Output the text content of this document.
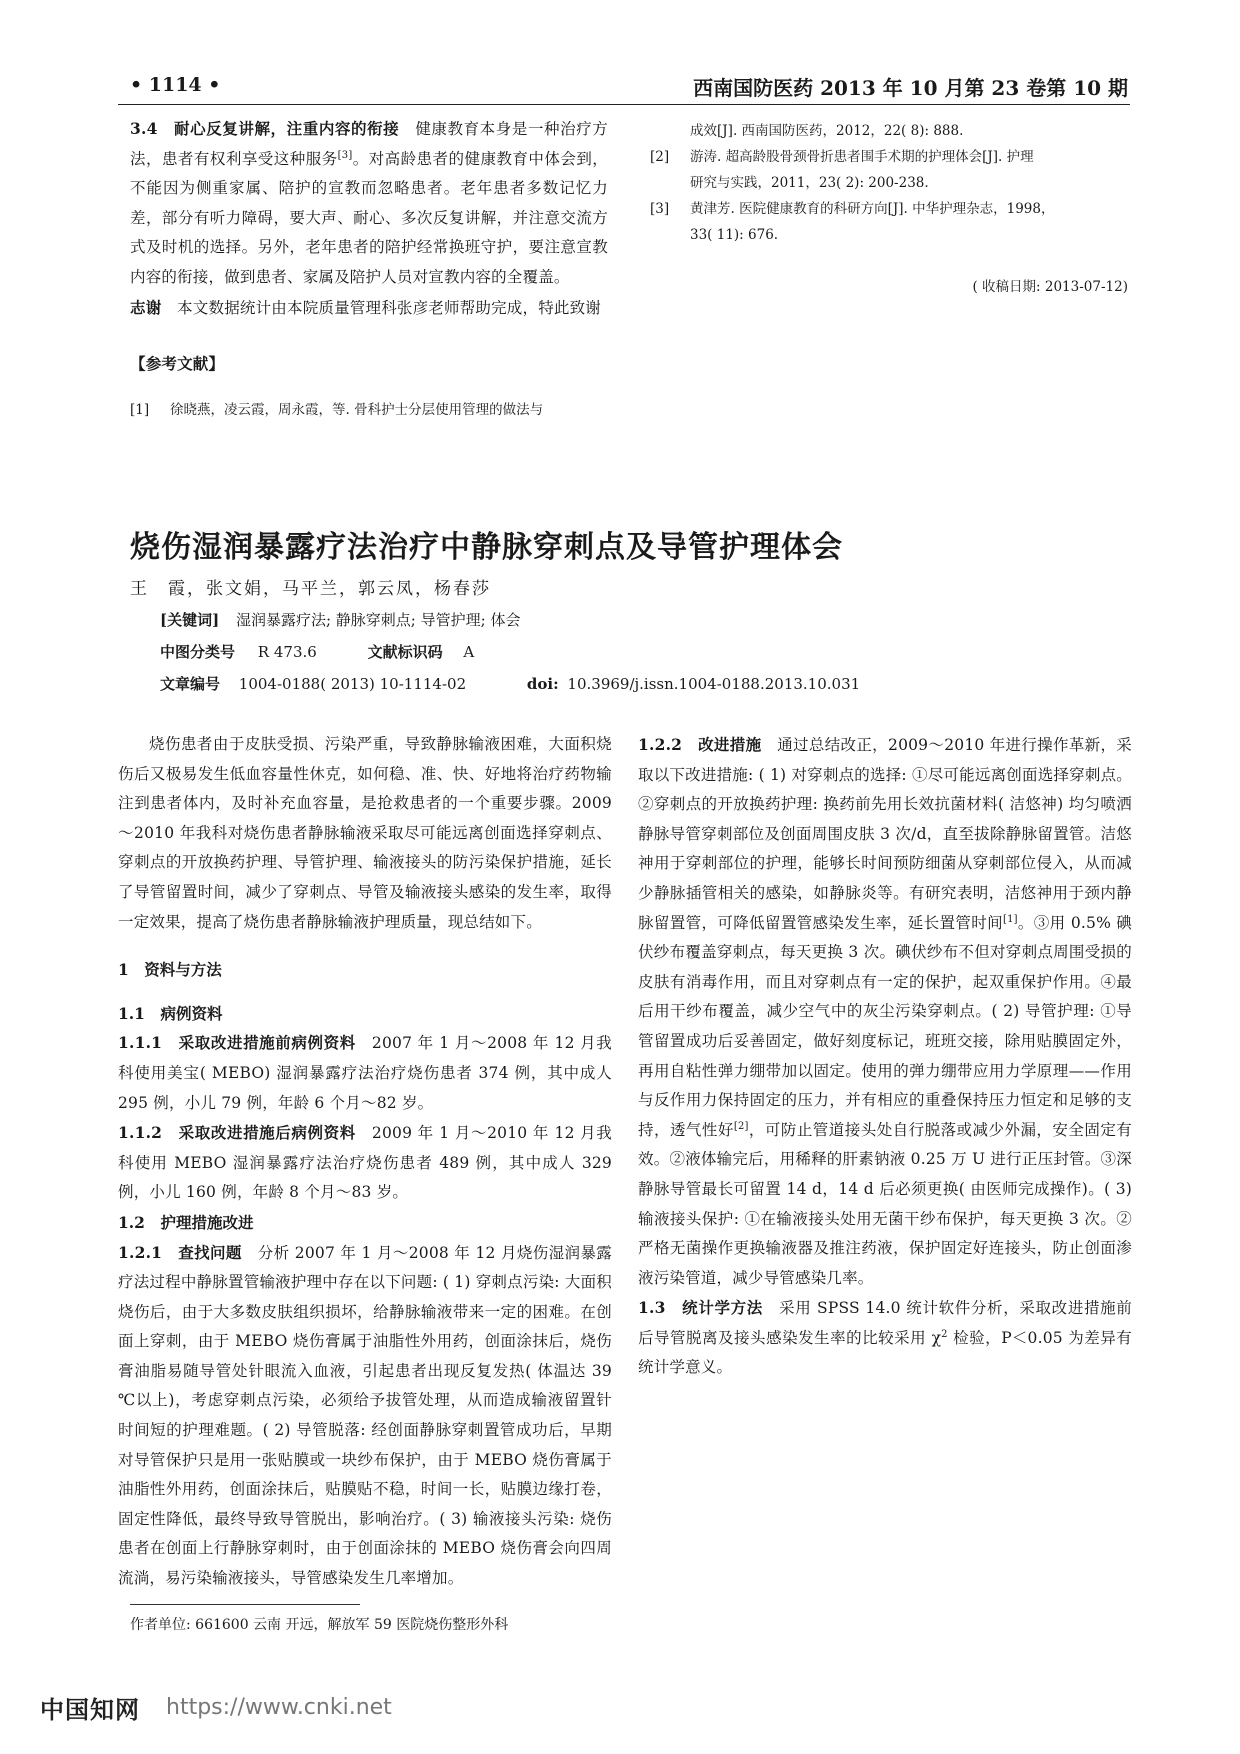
• 1114 •	西南国防医药 2013 年 10 月第 23 卷第 10 期

3.4　耐心反复讲解，注重内容的衔接　健康教育本身是一种治疗方法，患者有权利享受这种服务[3]。对高龄患者的健康教育中体会到，不能因为侧重家属、陪护的宣教而忽略患者。老年患者多数记忆力差，部分有听力障碍，要大声、耐心、多次反复讲解，并注意交流方式及时机的选择。另外，老年患者的陪护经常换班守护，要注意宣教内容的衔接，做到患者、家属及陪护人员对宣教内容的全覆盖。

志谢　本文数据统计由本院质量管理科张彦老师帮助完成，特此致谢

【参考文献】

[1]	徐晓燕，凌云霞，周永霞，等. 骨科护士分层使用管理的做法与
成效[J]. 西南国防医药，2012，22( 8): 888.
[2]	游涛. 超高龄股骨颈骨折患者围手术期的护理体会[J]. 护理
研究与实践，2011，23( 2): 200-238.
[3]	黄津芳. 医院健康教育的科研方向[J]. 中华护理杂志，1998，
33( 11): 676.
( 收稿日期: 2013-07-12)
烧伤湿润暴露疗法治疗中静脉穿刺点及导管护理体会
王　霞，张文娟，马平兰，郭云凤，杨春莎
[关键词] 湿润暴露疗法; 静脉穿刺点; 导管护理; 体会
中图分类号 R 473.6	文献标识码 A
文章编号 1004-0188( 2013) 10-1114-02	doi: 10.3969/j.issn.1004-0188.2013.10.031

烧伤患者由于皮肤受损、污染严重，导致静脉输液困难，大面积烧伤后又极易发生低血容量性休克，如何稳、准、快、好地将治疗药物输注到患者体内，及时补充血容量，是抢救患者的一个重要步骤。2009～2010 年我科对烧伤患者静脉输液采取尽可能远离创面选择穿刺点、穿刺点的开放换药护理、导管护理、输液接头的防污染保护措施，延长了导管留置时间，减少了穿刺点、导管及输液接头感染的发生率，取得一定效果，提高了烧伤患者静脉输液护理质量，现总结如下。

1　资料与方法

1.1　病例资料

1.1.1　采取改进措施前病例资料　2007 年 1 月～2008 年 12 月我科使用美宝( MEBO) 湿润暴露疗法治疗烧伤患者 374 例，其中成人 295 例，小儿 79 例，年龄 6 个月～82 岁。

1.1.2　采取改进措施后病例资料　2009 年 1 月～2010 年 12 月我科使用 MEBO 湿润暴露疗法治疗烧伤患者 489 例，其中成人 329 例，小儿 160 例，年龄 8 个月～83 岁。

1.2　护理措施改进

1.2.1　查找问题　分析 2007 年 1 月～2008 年 12 月烧伤湿润暴露疗法过程中静脉置管输液护理中存在以下问题: ( 1) 穿刺点污染: 大面积烧伤后，由于大多数皮肤组织损坏，给静脉输液带来一定的困难。在创面上穿刺，由于 MEBO 烧伤膏属于油脂性外用药，创面涂抹后，烧伤膏油脂易随导管处针眼流入血液，引起患者出现反复发热( 体温达 39 ℃以上)，考虑穿刺点污染，必须给予拔管处理，从而造成输液留置针时间短的护理难题。( 2) 导管脱落: 经创面静脉穿刺置管成功后，早期对导管保护只是用一张贴膜或一块纱布保护，由于 MEBO 烧伤膏属于油脂性外用药，创面涂抹后，贴膜贴不稳，时间一长，贴膜边缘打卷，固定性降低，最终导致导管脱出，影响治疗。( 3) 输液接头污染: 烧伤患者在创面上行静脉穿刺时，由于创面涂抹的 MEBO 烧伤膏会向四周流淌，易污染输液接头，导管感染发生几率增加。

1.2.2　改进措施　通过总结改正，2009～2010 年进行操作革新，采取以下改进措施: ( 1) 对穿刺点的选择: ①尽可能远离创面选择穿刺点。②穿刺点的开放换药护理: 换药前先用长效抗菌材料( 洁悠神) 均匀喷洒静脉导管穿刺部位及创面周围皮肤 3 次/d，直至拔除静脉留置管。洁悠神用于穿刺部位的护理，能够长时间预防细菌从穿刺部位侵入，从而减少静脉插管相关的感染，如静脉炎等。有研究表明，洁悠神用于颈内静脉留置管，可降低留置管感染发生率，延长置管时间[1]。③用 0.5% 碘伏纱布覆盖穿刺点，每天更换 3 次。碘伏纱布不但对穿刺点周围受损的皮肤有消毒作用，而且对穿刺点有一定的保护，起双重保护作用。④最后用干纱布覆盖，减少空气中的灰尘污染穿刺点。( 2) 导管护理: ①导管留置成功后妥善固定，做好刻度标记，班班交接，除用贴膜固定外，再用自粘性弹力绷带加以固定。使用的弹力绷带应用力学原理——作用与反作用力保持固定的压力，并有相应的重叠保持压力恒定和足够的支持，透气性好[2]，可防止管道接头处自行脱落或减少外漏，安全固定有效。②液体输完后，用稀释的肝素钠液 0.25 万 U 进行正压封管。③深静脉导管最长可留置 14 d，14 d 后必须更换( 由医师完成操作)。( 3) 输液接头保护: ①在输液接头处用无菌干纱布保护，每天更换 3 次。②严格无菌操作更换输液器及推注药液，保护固定好连接头，防止创面渗液污染管道，减少导管感染几率。

1.3　统计学方法　采用 SPSS 14.0 统计软件分析，采取改进措施前后导管脱离及接头感染发生率的比较采用 $\chi^2$ 检验，P＜0.05 为差异有统计学意义。

作者单位: 661600 云南 开远，解放军 59 医院烧伤整形外科
中国知网 https://www.cnki.net
